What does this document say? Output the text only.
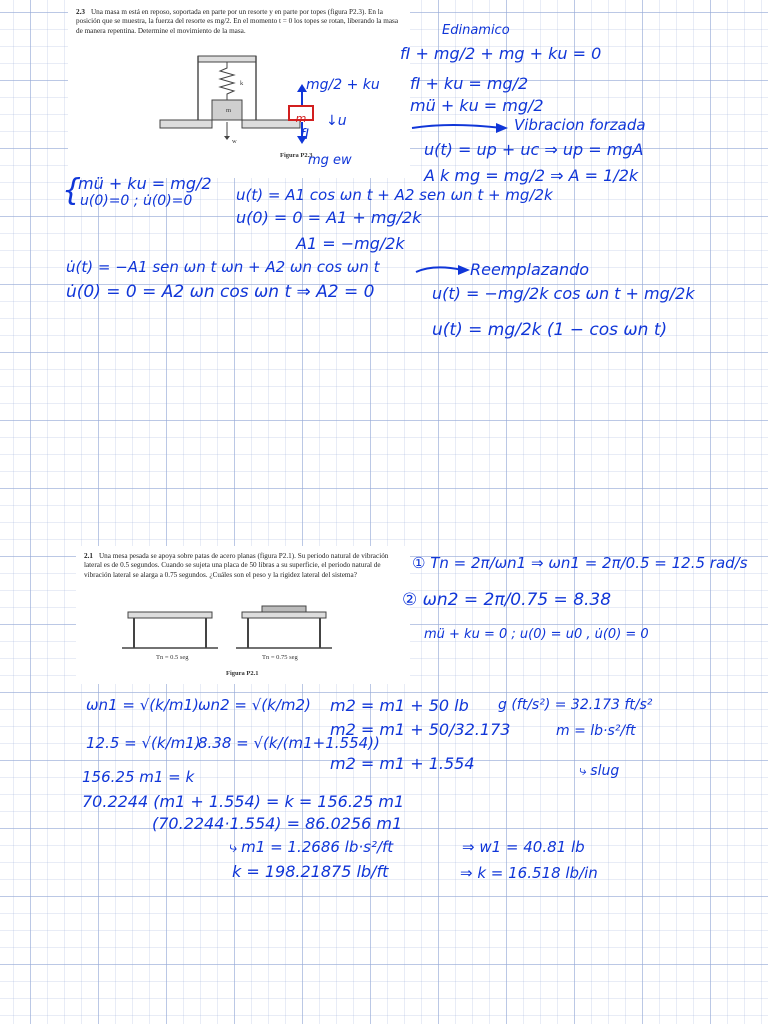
2.3 Una masa m está en reposo, soportada en parte por un resorte y en parte por topes (figura P2.3). En la posición que se muestra, la fuerza del resorte es mg/2. En el momento t = 0 los topes se rotan, liberando la masa de manera repentina. Determine el movimiento de la masa.
k
m
w
Figura P2.3
Edinamico
fI + mg/2 + mg + ku = 0
fI + ku = mg/2
mü + ku = mg/2
Vibracion forzada
u(t) = up + uc ⇒ up = mgA
A k mg = mg/2 ⇒ A = 1/2k
mg/2 + ku
m	↓u
fI
mg ew
{
mü + ku = mg/2
u(0)=0 ; u̇(0)=0	u(t) = A1 cos ωn t + A2 sen ωn t + mg/2k
u(0) = 0 = A1 + mg/2k
A1 = −mg/2k
u̇(t) = −A1 sen ωn t ωn + A2 ωn cos ωn t
u̇(0) = 0 = A2 ωn cos ωn t ⇒ A2 = 0
Reemplazando
u(t) = −mg/2k cos ωn t + mg/2k
u(t) = mg/2k (1 − cos ωn t)
2.1 Una mesa pesada se apoya sobre patas de acero planas (figura P2.1). Su periodo natural de vibración lateral es de 0.5 segundos. Cuando se sujeta una placa de 50 libras a su superficie, el periodo natural de vibración lateral se alarga a 0.75 segundos. ¿Cuáles son el peso y la rigidez lateral del sistema?
Tn = 0.5 seg	Tn = 0.75 seg
Figura P2.1
① Tn = 2π/ωn1 ⇒ ωn1 = 2π/0.5 = 12.5 rad/s
② ωn2 = 2π/0.75 = 8.38
mü + ku = 0 ; u(0) = u0 , u̇(0) = 0
ωn1 = √(k/m1) ωn2 = √(k/m2) m2 = m1 + 50 lb g (ft/s²) = 32.173 ft/s²
m2 = m1 + 50/32.173	m = lb·s²/ft
12.5 = √(k/m1)
8.38 = √(k/(m1+1.554))
m2 = m1 + 1.554	⤷ slug
156.25 m1 = k
70.2244 (m1 + 1.554) = k = 156.25 m1
(70.2244·1.554) = 86.0256 m1
⤷ m1 = 1.2686 lb·s²/ft	⇒ w1 = 40.81 lb
k = 198.21875 lb/ft	⇒ k = 16.518 lb/in
